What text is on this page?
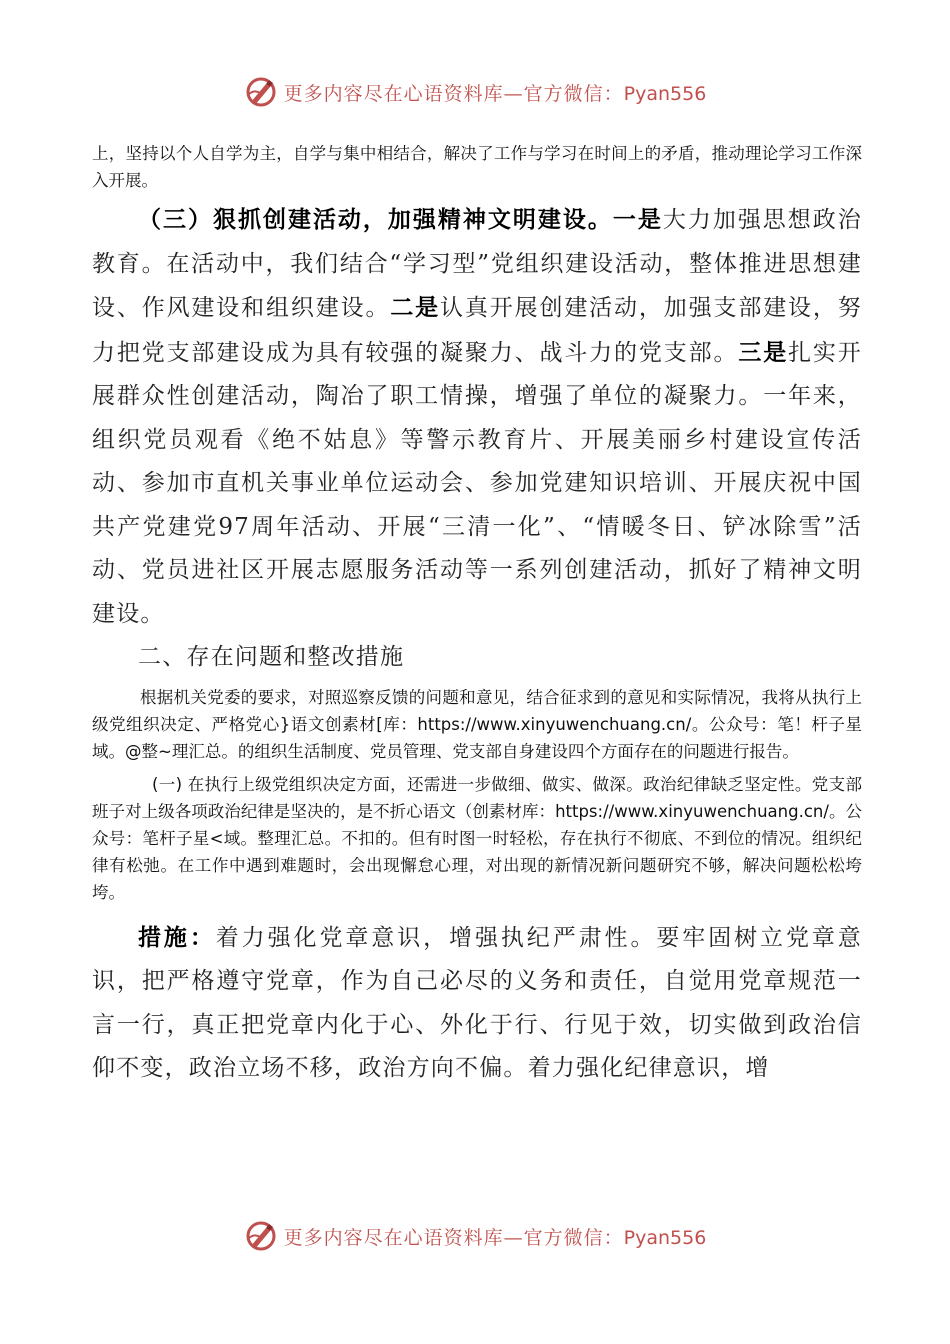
更多内容尽在心语资料库—官方微信：Pyan556

上，坚持以个人自学为主，自学与集中相结合，解决了工作与学习在时间上的矛盾，推动理论学习工作深入开展。

（三）狠抓创建活动，加强精神文明建设。一是大力加强思想政治教育。在活动中，我们结合“学习型”党组织建设活动，整体推进思想建设、作风建设和组织建设。二是认真开展创建活动，加强支部建设，努力把党支部建设成为具有较强的凝聚力、战斗力的党支部。三是扎实开展群众性创建活动，陶冶了职工情操，增强了单位的凝聚力。一年来，组织党员观看《绝不姑息》等警示教育片、开展美丽乡村建设宣传活动、参加市直机关事业单位运动会、参加党建知识培训、开展庆祝中国共产党建党97周年活动、开展“三清一化”、“情暖冬日、铲冰除雪”活动、党员进社区开展志愿服务活动等一系列创建活动，抓好了精神文明建设。

二、存在问题和整改措施

根据机关党委的要求，对照巡察反馈的问题和意见，结合征求到的意见和实际情况，我将从执行上级党组织决定、严格党心}语文创素材[库：https://www.xinyuwenchuang.cn/。公众号：笔！杆子星域。@整~理汇总。的组织生活制度、党员管理、党支部自身建设四个方面存在的问题进行报告。

(一) 在执行上级党组织决定方面，还需进一步做细、做实、做深。政治纪律缺乏坚定性。党支部班子对上级各项政治纪律是坚决的，是不折心语文（创素材库：https://www.xinyuwenchuang.cn/。公众号：笔杆子星<域。整理汇总。不扣的。但有时图一时轻松，存在执行不彻底、不到位的情况。组织纪律有松弛。在工作中遇到难题时，会出现懈怠心理，对出现的新情况新问题研究不够，解决问题松松垮垮。

措施：着力强化党章意识，增强执纪严肃性。要牢固树立党章意识，把严格遵守党章，作为自己必尽的义务和责任，自觉用党章规范一言一行，真正把党章内化于心、外化于行、行见于效，切实做到政治信仰不变，政治立场不移，政治方向不偏。着力强化纪律意识，增

更多内容尽在心语资料库—官方微信：Pyan556
